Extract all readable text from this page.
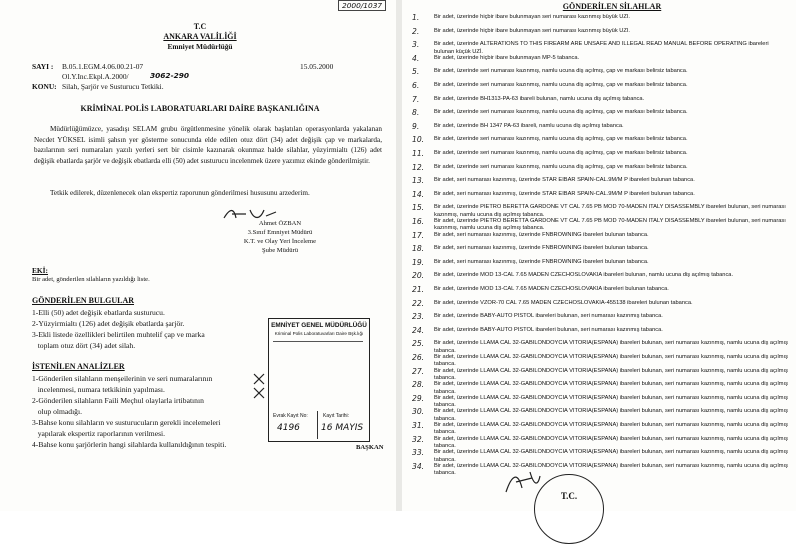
2000/1037
T.C
ANKARA VALİLİĞİ
Emniyet Müdürlüğü
SAYI : B.05.1.EGM.4.06.00.21-07	15.05.2000
Ol.Y.Inc.Ekpl.A.2000/	3062-290
KONU: Silah, Şarjör ve Susturucu Tetkiki.
KRİMİNAL POLİS LABORATUARLARI DAİRE BAŞKANLIĞINA
Müdürlüğümüzce, yasadışı SELAM grubu örgütlenmesine yönelik olarak başlatılan operasyonlarda yakalanan Necdet YÜKSEL isimli şahsın yer gösterme sonucunda elde edilen otuz dört (34) adet değişik çap ve markalarda, bazılarının seri numaraları yazılı yerleri sert bir cisimle kazınarak okunmaz halde silahlar, yüzyirmialtı (126) adet değişik ebatlarda şarjör ve değişik ebatlarda elli (50) adet susturucu incelenmek üzere yazımız ekinde gönderilmiştir.
Tetkik edilerek, düzenlenecek olan ekspertiz raporunun gönderilmesi hususunu arzederim.
Ahmet ÖZBAN
3.Sınıf Emniyet Müdürü
K.T. ve Olay Yeri İnceleme
Şube Müdürü
EKİ:
Bir adet, gönderilen silahların yazıldığı liste.
GÖNDERİLEN BULGULAR
1-Elli (50) adet değişik ebatlarda susturucu.
2-Yüzyirmialtı (126) adet değişik ebatlarda şarjör.
3-Ekli listede özellikleri belirtilen muhtelif çap ve marka
toplam otuz dört (34) adet silah.
İSTENİLEN ANALİZLER
1-Gönderilen silahların menşeilerinin ve seri numaralarının
incelenmesi, numara tetkikinin yapılması.
2-Gönderilen silahların Faili Meçhul olaylarla irtibatının
olup olmadığı.
3-Bahse konu silahların ve susturucuların gerekli incelemeleri
yapılarak ekspertiz raporlarının verilmesi.
4-Bahse konu şarjörlerin hangi silahlarda kullanıldığının tespiti.
EMNİYET GENEL MÜDÜRLÜĞÜ
Kriminal Polis Laboratuvarları Daire Bşk.lığı
Evrak Kayıt No:	Kayıt Tarihi:
4196 16 MAYIS
BAŞKAN
GÖNDERİLEN SİLAHLAR
1.	Bir adet, üzerinde hiçbir ibare bulunmayan seri numarası kazınmış büyük UZİ.
2.	Bir adet, üzerinde hiçbir ibare bulunmayan seri numarası kazınmış büyük UZİ.
3.	Bir adet, üzerinde ALTERATIONS TO THIS FIREARM ARE UNSAFE AND ILLEGAL READ MANUAL BEFORE OPERATING ibareleri bulunan küçük UZİ.
4.	Bir adet, üzerinde hiçbir ibare bulunmayan MP-5 tabanca.
5.	Bir adet, üzerinde seri numarası kazınmış, namlu ucuna diş açılmış, çap ve markası belirsiz tabanca.
6.	Bir adet, üzerinde seri numarası kazınmış, namlu ucuna diş açılmış, çap ve markası belirsiz tabanca.
7.	Bir adet, üzerinde BH1313-PA-63 ibareli bulunan, namlu ucuna diş açılmış tabanca.
8.	Bir adet, üzerinde seri numarası kazınmış, namlu ucuna diş açılmış, çap ve markası belirsiz tabanca.
9.	Bir adet, üzerinde BH 1347 PA-63 ibareli, namlu ucuna diş açılmış tabanca.
10.	Bir adet, üzerinde seri numarası kazınmış, namlu ucuna diş açılmış, çap ve markası belirsiz tabanca.
11.	Bir adet, üzerinde seri numarası kazınmış, namlu ucuna diş açılmış, çap ve markası belirsiz tabanca.
12.	Bir adet, üzerinde seri numarası kazınmış, namlu ucuna diş açılmış, çap ve markası belirsiz tabanca.
13.	Bir adet, seri numarası kazınmış, üzerinde STAR EIBAR SPAIN-CAL.9M/M P ibareleri bulunan tabanca.
14.	Bir adet, seri numarası kazınmış, üzerinde STAR EIBAR SPAIN-CAL.9M/M P ibareleri bulunan tabanca.
15.	Bir adet, üzerinde PIETRO BERETTA GARDONE VT CAL 7.65 PB MOD 70-MADEN ITALY DISASSEMBLY ibareleri bulunan, seri numarası kazınmış, namlu ucuna diş açılmış tabanca.
16.	Bir adet, üzerinde PIETRO BERETTA GARDONE VT CAL 7.65 PB MOD 70-MADEN ITALY DISASSEMBLY ibareleri bulunan, seri numarası kazınmış, namlu ucuna diş açılmış tabanca.
17.	Bir adet, seri numarası kazınmış, üzerinde FNBROWNING ibareleri bulunan tabanca.
18.	Bir adet, seri numarası kazınmış, üzerinde FNBROWNING ibareleri bulunan tabanca.
19.	Bir adet, seri numarası kazınmış, üzerinde FNBROWNING ibareleri bulunan tabanca.
20.	Bir adet, üzerinde MOD 13-CAL 7.65 MADEN CZECHOSLOVAKIA ibareleri bulunan, namlu ucuna diş açılmış tabanca.
21.	Bir adet, üzerinde MOD 13-CAL 7.65 MADEN CZECHOSLOVAKIA ibareleri bulunan tabanca.
22.	Bir adet, üzerinde VZOR-70 CAL 7.65 MADEN CZECHOSLOVAKIA-455138 ibareleri bulunan tabanca.
23.	Bir adet, üzerinde BABY-AUTO PISTOL ibareleri bulunan, seri numarası kazınmış tabanca.
24.	Bir adet, üzerinde BABY-AUTO PISTOL ibareleri bulunan, seri numarası kazınmış tabanca.
25.	Bir adet, üzerinde LLAMA CAL 32-GABILONDOYCIA VITORIA(ESPANA) ibareleri bulunan, seri numarası kazınmış, namlu ucuna diş açılmış tabanca.
26.	Bir adet, üzerinde LLAMA CAL 32-GABILONDOYCIA VITORIA(ESPANA) ibareleri bulunan, seri numarası kazınmış, namlu ucuna diş açılmış tabanca.
27.	Bir adet, üzerinde LLAMA CAL 32-GABILONDOYCIA VITORIA(ESPANA) ibareleri bulunan, seri numarası kazınmış, namlu ucuna diş açılmış tabanca.
28.	Bir adet, üzerinde LLAMA CAL 32-GABILONDOYCIA VITORIA(ESPANA) ibareleri bulunan, seri numarası kazınmış, namlu ucuna diş açılmış tabanca.
29.	Bir adet, üzerinde LLAMA CAL 32-GABILONDOYCIA VITORIA(ESPANA) ibareleri bulunan, seri numarası kazınmış, namlu ucuna diş açılmış tabanca.
30.	Bir adet, üzerinde LLAMA CAL 32-GABILONDOYCIA VITORIA(ESPANA) ibareleri bulunan, seri numarası kazınmış, namlu ucuna diş açılmış tabanca.
31.	Bir adet, üzerinde LLAMA CAL 32-GABILONDOYCIA VITORIA(ESPANA) ibareleri bulunan, seri numarası kazınmış, namlu ucuna diş açılmış tabanca.
32.	Bir adet, üzerinde LLAMA CAL 32-GABILONDOYCIA VITORIA(ESPANA) ibareleri bulunan, seri numarası kazınmış, namlu ucuna diş açılmış tabanca.
33.	Bir adet, üzerinde LLAMA CAL 32-GABILONDOYCIA VITORIA(ESPANA) ibareleri bulunan, seri numarası kazınmış, namlu ucuna diş açılmış tabanca.
34.	Bir adet, üzerinde LLAMA CAL 32-GABILONDOYCIA VITORIA(ESPANA) ibareleri bulunan, seri numarası kazınmış, namlu ucuna diş açılmış tabanca.
T.C.
